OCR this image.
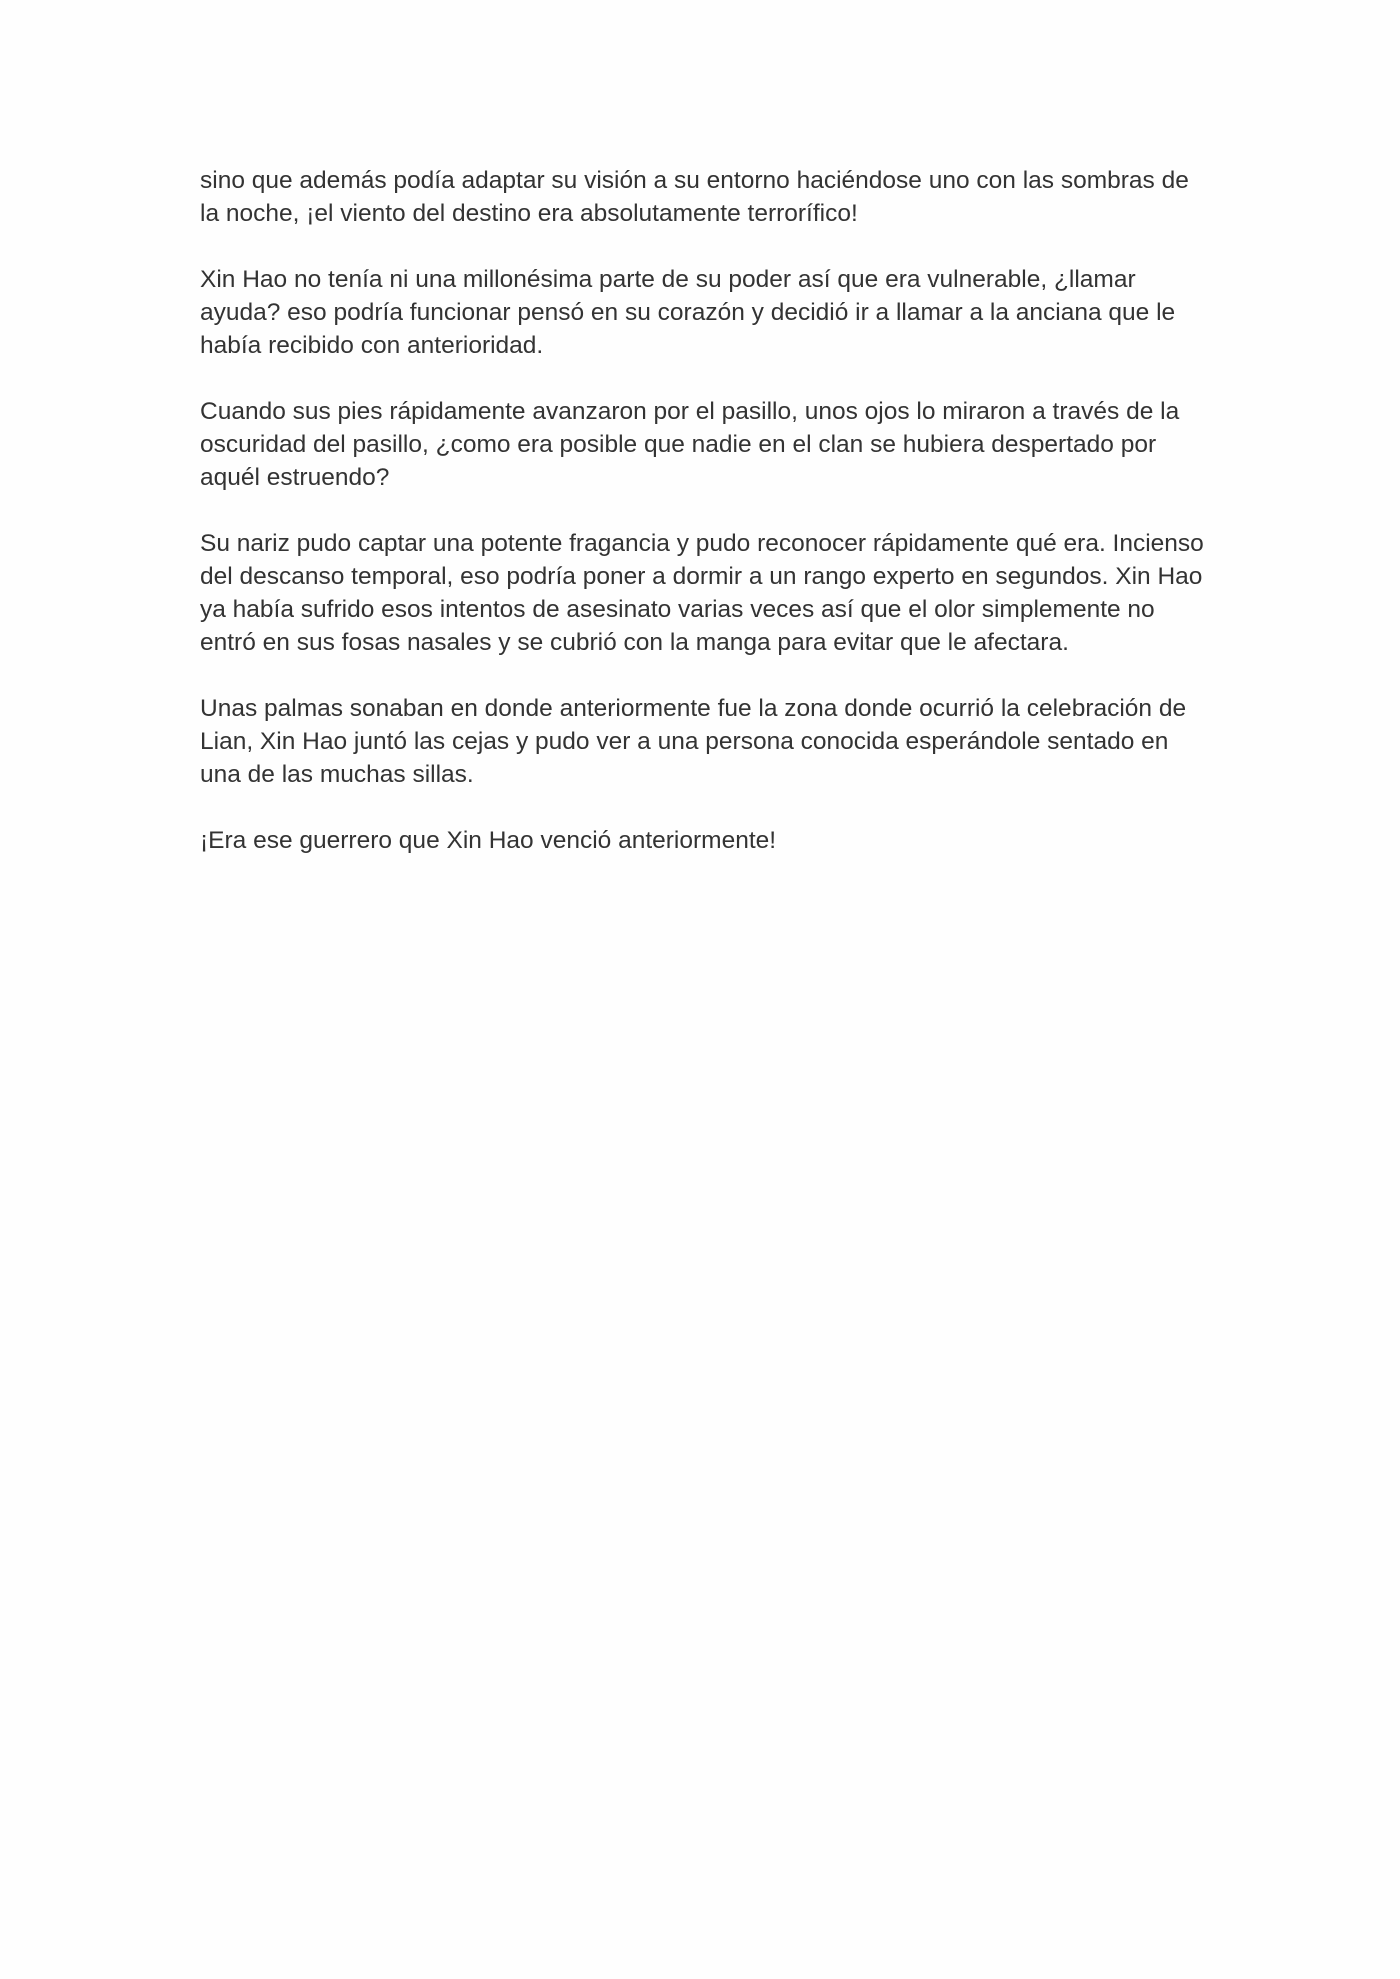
sino que además podía adaptar su visión a su entorno haciéndose uno con las sombras de la noche, ¡el viento del destino era absolutamente terrorífico!

Xin Hao no tenía ni una millonésima parte de su poder así que era vulnerable, ¿llamar ayuda? eso podría funcionar pensó en su corazón y decidió ir a llamar a la anciana que le había recibido con anterioridad.

Cuando sus pies rápidamente avanzaron por el pasillo, unos ojos lo miraron a través de la oscuridad del pasillo, ¿como era posible que nadie en el clan se hubiera despertado por aquél estruendo?

Su nariz pudo captar una potente fragancia y pudo reconocer rápidamente qué era. Incienso del descanso temporal, eso podría poner a dormir a un rango experto en segundos. Xin Hao ya había sufrido esos intentos de asesinato varias veces así que el olor simplemente no entró en sus fosas nasales y se cubrió con la manga para evitar que le afectara.

Unas palmas sonaban en donde anteriormente fue la zona donde ocurrió la celebración de Lian, Xin Hao juntó las cejas y pudo ver a una persona conocida esperándole sentado en una de las muchas sillas.

¡Era ese guerrero que Xin Hao venció anteriormente!
